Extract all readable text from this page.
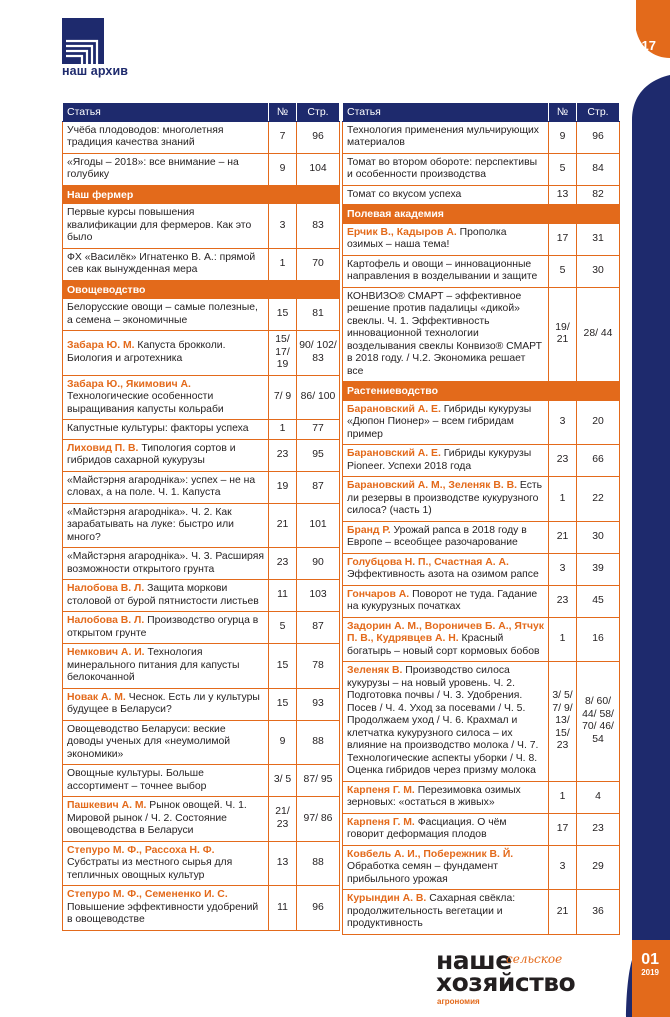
наш архив
117
01
2019
Статья	№	Стр.
Учёба плодоводов: многолетняя традиция качества знаний	7	96
«Ягоды – 2018»: все внимание – на голубику	9	104
Наш фермер		
Первые курсы повышения квалификации для фермеров. Как это было	3	83
ФХ «Василёк» Игнатенко В. А.: прямой сев как вынужденная мера	1	70
Овощеводство		
Белорусские овощи – самые полезные, а семена – экономичные	15	81
Забара Ю. М. Капуста брокколи. Биология и агротехника	15/ 17/ 19	90/ 102/ 83
Забара Ю., Якимович А. Технологические особенности выращивания капусты кольраби	7/ 9	86/ 100
Капустные культуры: факторы успеха	1	77
Лиховид П. В. Типология сортов и гибридов сахарной кукурузы	23	95
«Майстэрня агароднiка»: успех – не на словах, а на поле. Ч. 1. Капуста	19	87
«Майстэрня агароднiка». Ч. 2. Как зарабатывать на луке: быстро или много?	21	101
«Майстэрня агароднiка». Ч. 3. Расширяя возможности открытого грунта	23	90
Налобова В. Л. Защита моркови столовой от бурой пятнистости листьев	11	103
Налобова В. Л. Производство огурца в открытом грунте	5	87
Немкович А. И. Технология минерального питания для капусты белокочанной	15	78
Новак А. М. Чеснок. Есть ли у культуры будущее в Беларуси?	15	93
Овощеводство Беларуси: веские доводы ученых для «неумолимой экономики»	9	88
Овощные культуры. Больше ассортимент – точнее выбор	3/ 5	87/ 95
Пашкевич А. М. Рынок овощей. Ч. 1. Мировой рынок / Ч. 2. Состояние овощеводства в Беларуси	21/ 23	97/ 86
Степуро М. Ф., Рассоха Н. Ф. Субстраты из местного сырья для тепличных овощных культур	13	88
Степуро М. Ф., Семененко И. С. Повышение эффективности удобрений в овощеводстве	11	96
Статья	№	Стр.
Технология применения мульчирующих материалов	9	96
Томат во втором обороте: перспективы и особенности производства	5	84
Томат со вкусом успеха	13	82
Полевая академия		
Ерчик В., Кадыров А. Прополка озимых – наша тема!	17	31
Картофель и овощи – инновационные направления в возделывании и защите	5	30
КОНВИЗО® СМАРТ – эффективное решение против падалицы «дикой» свеклы. Ч. 1. Эффективность инновационной технологии возделывания свеклы Конвизо® СМАРТ в 2018 году. / Ч.2. Экономика решает все	19/ 21	28/ 44
Растениеводство		
Барановский А. Е. Гибриды кукурузы «Дюпон Пионер» – всем гибридам пример	3	20
Барановский А. Е. Гибриды кукурузы Pioneer. Успехи 2018 года	23	66
Барановский А. М., Зеленяк В. В. Есть ли резервы в производстве кукурузного силоса? (часть 1)	1	22
Бранд Р. Урожай рапса в 2018 году в Европе – всеобщее разочарование	21	30
Голубцова Н. П., Счастная А. А. Эффективность азота на озимом рапсе	3	39
Гончаров А. Поворот не туда. Гадание на кукурузных початках	23	45
Задорин А. М., Вороничев Б. А., Ятчук П. В., Кудрявцев А. Н. Красный богатырь – новый сорт кормовых бобов	1	16
Зеленяк В. Производство силоса кукурузы – на новый уровень. Ч. 2. Подготовка почвы / Ч. 3. Удобрения. Посев / Ч. 4. Уход за посевами / Ч. 5. Продолжаем уход / Ч. 6. Крахмал и клетчатка кукурузного силоса – их влияние на производство молока / Ч. 7. Технологические аспекты уборки / Ч. 8. Оценка гибридов через призму молока	3/ 5/ 7/ 9/ 13/ 15/ 23	8/ 60/ 44/ 58/ 70/ 46/ 54
Карпеня Г. М. Перезимовка озимых зерновых: «остаться в живых»	1	4
Карпеня Г. М. Фасциация. О чём говорит деформация плодов	17	23
Ковбель А. И., Побережник В. Й. Обработка семян – фундамент прибыльного урожая	3	29
Курындин А. В. Сахарная свёкла: продолжительность вегетации и продуктивность	21	36
наше
сельское
хозяйство
агрономия
